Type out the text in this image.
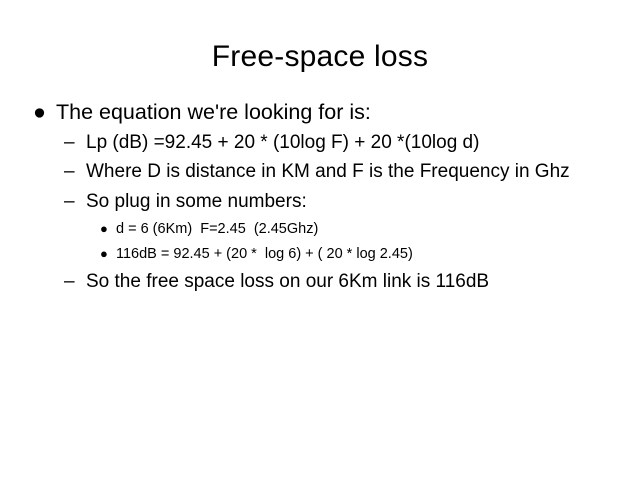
Free-space loss
● The equation we're looking for is:
– Lp (dB) =92.45 + 20 * (10log F) + 20 *(10log d)
– Where D is distance in KM and F is the Frequency in Ghz
– So plug in some numbers:
● d = 6 (6Km)  F=2.45  (2.45Ghz)
● 116dB = 92.45 + (20 *  log 6) + ( 20 * log 2.45)
– So the free space loss on our 6Km link is 116dB
